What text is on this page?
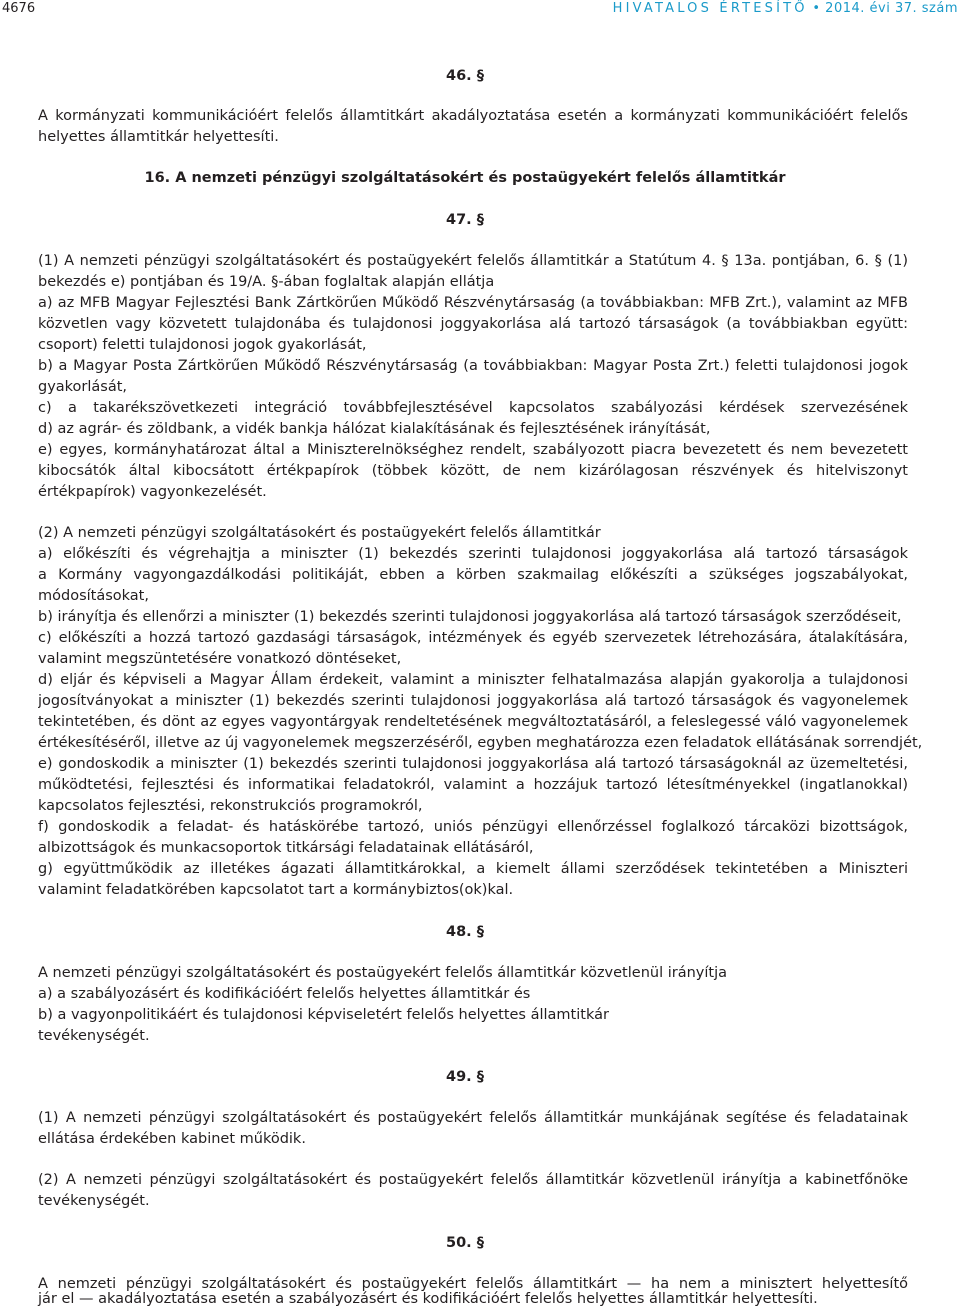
4676	HIVATALOS ÉRTESÍTŐ • 2014. évi 37. szám
46. §
A kormányzati kommunikációért felelős államtitkárt akadályoztatása esetén a kormányzati kommunikációért felelős
helyettes államtitkár helyettesíti.
16. A nemzeti pénzügyi szolgáltatásokért és postaügyekért felelős államtitkár
47. §
(1) A nemzeti pénzügyi szolgáltatásokért és postaügyekért felelős államtitkár a Statútum 4. § 13a. pontjában, 6. § (1)
bekezdés e) pontjában és 19/A. §-ában foglaltak alapján ellátja
a) az MFB Magyar Fejlesztési Bank Zártkörűen Működő Részvénytársaság (a továbbiakban: MFB Zrt.), valamint az MFB
közvetlen vagy közvetett tulajdonába és tulajdonosi joggyakorlása alá tartozó társaságok (a továbbiakban együtt:
csoport) feletti tulajdonosi jogok gyakorlását,
b) a Magyar Posta Zártkörűen Működő Részvénytársaság (a továbbiakban: Magyar Posta Zrt.) feletti tulajdonosi jogok
gyakorlását,
c) a takarékszövetkezeti integráció továbbfejlesztésével kapcsolatos szabályozási kérdések szervezésének
d) az agrár- és zöldbank, a vidék bankja hálózat kialakításának és fejlesztésének irányítását,
e) egyes, kormányhatározat által a Miniszterelnökséghez rendelt, szabályozott piacra bevezetett és nem bevezetett
kibocsátók által kibocsátott értékpapírok (többek között, de nem kizárólagosan részvények és hitelviszonyt
értékpapírok) vagyonkezelését.
(2) A nemzeti pénzügyi szolgáltatásokért és postaügyekért felelős államtitkár
a) előkészíti és végrehajtja a miniszter (1) bekezdés szerinti tulajdonosi joggyakorlása alá tartozó társaságok
a Kormány vagyongazdálkodási politikáját, ebben a körben szakmailag előkészíti a szükséges jogszabályokat,
módosításokat,
b) irányítja és ellenőrzi a miniszter (1) bekezdés szerinti tulajdonosi joggyakorlása alá tartozó társaságok szerződéseit,
c) előkészíti a hozzá tartozó gazdasági társaságok, intézmények és egyéb szervezetek létrehozására, átalakítására,
valamint megszüntetésére vonatkozó döntéseket,
d) eljár és képviseli a Magyar Állam érdekeit, valamint a miniszter felhatalmazása alapján gyakorolja a tulajdonosi
jogosítványokat a miniszter (1) bekezdés szerinti tulajdonosi joggyakorlása alá tartozó társaságok és vagyonelemek
tekintetében, és dönt az egyes vagyontárgyak rendeltetésének megváltoztatásáról, a feleslegessé váló vagyonelemek
értékesítéséről, illetve az új vagyonelemek megszerzéséről, egyben meghatározza ezen feladatok ellátásának sorrendjét,
e) gondoskodik a miniszter (1) bekezdés szerinti tulajdonosi joggyakorlása alá tartozó társaságoknál az üzemeltetési,
működtetési, fejlesztési és informatikai feladatokról, valamint a hozzájuk tartozó létesítményekkel (ingatlanokkal)
kapcsolatos fejlesztési, rekonstrukciós programokról,
f) gondoskodik a feladat- és hatáskörébe tartozó, uniós pénzügyi ellenőrzéssel foglalkozó tárcaközi bizottságok,
albizottságok és munkacsoportok titkársági feladatainak ellátásáról,
g) együttműködik az illetékes ágazati államtitkárokkal, a kiemelt állami szerződések tekintetében a Miniszteri
valamint feladatkörében kapcsolatot tart a kormánybiztos(ok)kal.
48. §
A nemzeti pénzügyi szolgáltatásokért és postaügyekért felelős államtitkár közvetlenül irányítja
a) a szabályozásért és kodifikációért felelős helyettes államtitkár és
b) a vagyonpolitikáért és tulajdonosi képviseletért felelős helyettes államtitkár
tevékenységét.
49. §
(1) A nemzeti pénzügyi szolgáltatásokért és postaügyekért felelős államtitkár munkájának segítése és feladatainak
ellátása érdekében kabinet működik.
(2) A nemzeti pénzügyi szolgáltatásokért és postaügyekért felelős államtitkár közvetlenül irányítja a kabinetfőnöke
tevékenységét.
50. §
A nemzeti pénzügyi szolgáltatásokért és postaügyekért felelős államtitkárt — ha nem a minisztert helyettesítő
jár el — akadályoztatása esetén a szabályozásért és kodifikációért felelős helyettes államtitkár helyettesíti.
